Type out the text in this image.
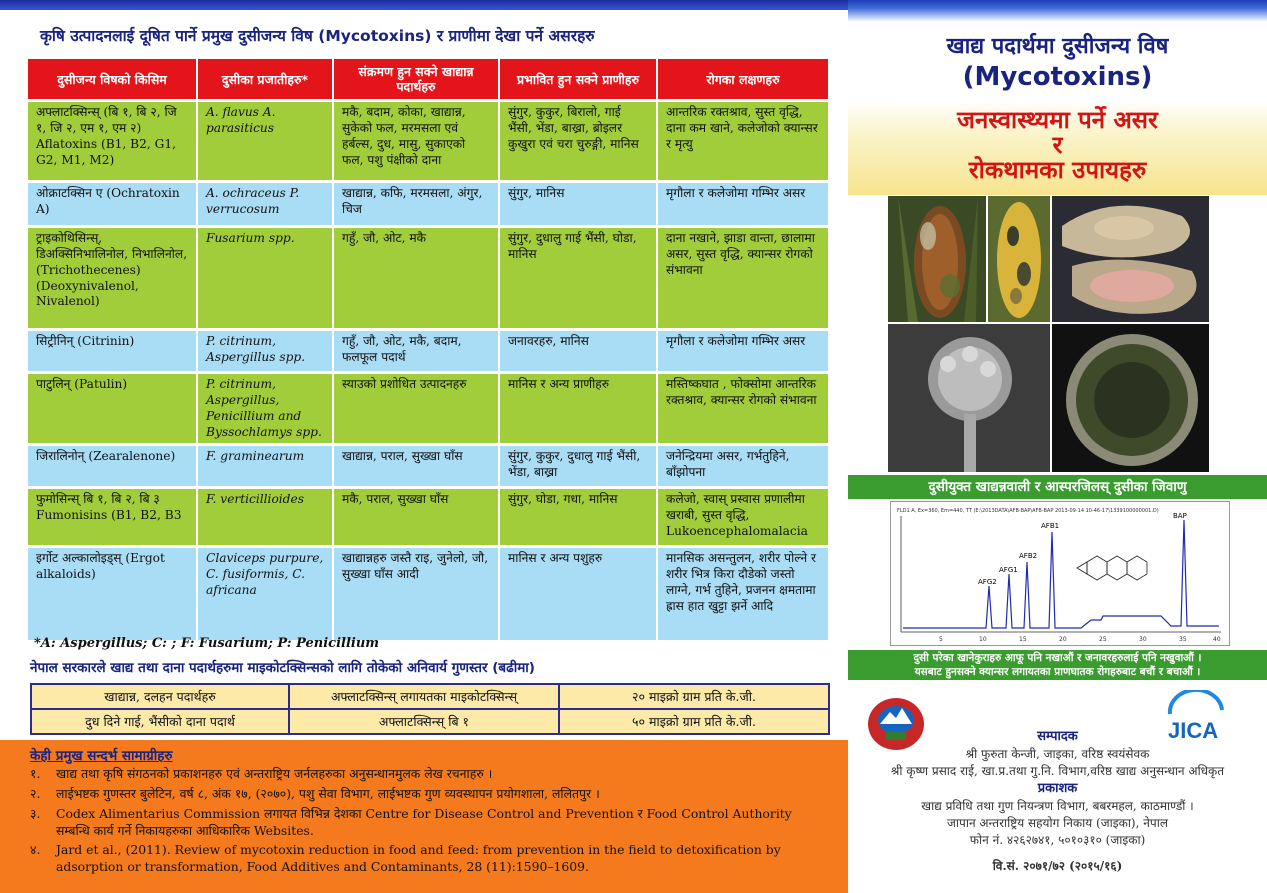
कृषि उत्पादनलाई दूषित पार्ने प्रमुख दुसीजन्य विष (Mycotoxins) र प्राणीमा देखा पर्ने असरहरु
दुसीजन्य विषको किसिम	दुसीका प्रजातीहरु*	संक्रमण हुन सक्ने खाद्यान्न पदार्थहरु	प्रभावित हुन सक्ने प्राणीहरु	रोगका लक्षणहरु
अफ्लाटक्सिन्स् (बि १, बि २, जि १, जि २, एम १, एम २) Aflatoxins (B1, B2, G1, G2, M1, M2)	A. flavus A. parasiticus	मकै, बदाम, कोका, खाद्यान्न, सुकेको फल, मरमसला एवं हर्बल्स, दुध, मासु, सुकाएको फल, पशु पंक्षीको दाना	सुंगुर, कुकुर, बिरालो, गाई भैंसी, भेंडा, बाख्रा, ब्रोइलर कुखुरा एवं चरा चुरुङ्गी, मानिस	आन्तरिक रक्तश्राव, सुस्त वृद्धि, दाना कम खाने, कलेजोको क्यान्सर र मृत्यु
ओक्राटक्सिन ए (Ochratoxin A)	A. ochraceus P. verrucosum	खाद्यान्न, कफि, मरमसला, अंगुर, चिज	सुंगुर, मानिस	मृगौला र कलेजोमा गम्भिर असर
ट्राइकोथिसिन्स्, डिअक्सिनिभालिनोल, निभालिनोल, (Trichothecenes) (Deoxynivalenol, Nivalenol)	Fusarium spp.	गहुँ, जौ, ओट, मकै	सुंगुर, दुधालु गाई भैंसी, घोडा, मानिस	दाना नखाने, झाडा वान्ता, छालामा असर, सुस्त वृद्धि, क्यान्सर रोगको संभावना
सिट्रीनिन् (Citrinin)	P. citrinum, Aspergillus spp.	गहुँ, जौ, ओट, मकै, बदाम, फलफूल पदार्थ	जनावरहरु, मानिस	मृगौला र कलेजोमा गम्भिर असर
पाटुलिन् (Patulin)	P. citrinum, Aspergillus, Penicillium and Byssochlamys spp.	स्याउको प्रशोधित उत्पादनहरु	मानिस र अन्य प्राणीहरु	मस्तिष्कघात , फोक्सोमा आन्तरिक रक्तश्राव, क्यान्सर रोगको संभावना
जिरालिनोन् (Zearalenone)	F. graminearum	खाद्यान्न, पराल, सुख्खा घाँस	सुंगुर, कुकुर, दुधालु गाई भैंसी, भेंडा, बाख्रा	जनेन्द्रियमा असर, गर्भतुहिने, बाँझोपना
फुमोसिन्स् बि १, बि २, बि ३ Fumonisins (B1, B2, B3	F. verticillioides	मकै, पराल, सुख्खा घाँस	सुंगुर, घोडा, गधा, मानिस	कलेजो, स्वास् प्रस्वास प्रणालीमा खराबी, सुस्त वृद्धि, Lukoencephalomalacia
इर्गोट अल्कालोइड्स् (Ergot alkaloids)	Claviceps purpure, C. fusiformis, C. africana	खाद्यान्नहरु जस्तै राइ, जुनेलो, जौ, सुख्खा घाँस आदी	मानिस र अन्य पशुहरु	मानसिक असन्तुलन, शरीर पोल्ने र शरीर भित्र किरा दौडेको जस्तो लाग्ने, गर्भ तुहिने, प्रजनन क्षमतामा ह्रास हात खुट्टा झर्ने आदि
*A: Aspergillus; C: ; F: Fusarium; P: Penicillium
नेपाल सरकारले खाद्य तथा दाना पदार्थहरुमा माइकोटक्सिन्सको लागि तोकेको अनिवार्य गुणस्तर (बढीमा)
खाद्यान्न, दलहन पदार्थहरु	अफ्लाटक्सिन्स् लगायतका माइकोटक्सिन्स्	२० माइक्रो ग्राम प्रति के.जी.
दुध दिने गाई, भैंसीको दाना पदार्थ	अफ्लाटक्सिन्स् बि १	५० माइक्रो ग्राम प्रति के.जी.
केही प्रमुख सन्दर्भ सामाग्रीहरु
१. खाद्य तथा कृषि संगठनको प्रकाशनहरु एवं अन्तराष्ट्रिय जर्नलहरुका अनुसन्धानमुलक लेख रचनाहरु ।
२. लाईभष्टक गुणस्तर बुलेटिन, वर्ष ८, अंक १७, (२०७०), पशु सेवा विभाग, लाईभष्टक गुण व्यवस्थापन प्रयोगशाला, ललितपुर ।
३. Codex Alimentarius Commission लगायत विभिन्न देशका Centre for Disease Control and Prevention र Food Control Authority सम्बन्धि कार्य गर्ने निकायहरुका आधिकारिक Websites.
४. Jard et al., (2011). Review of mycotoxin reduction in food and feed: from prevention in the field to detoxification by adsorption or transformation, Food Additives and Contaminants, 28 (11):1590–1609.
खाद्य पदार्थमा दुसीजन्य विष
(Mycotoxins)
जनस्वास्थ्यमा पर्ने असर
र
रोकथामका उपायहरु
दुसीयुक्त खाद्यन्नवाली र आस्परजिलस् दुसीका जिवाणु
FLD1 A, Ex=360, Em=440, TT (E:\2013DATA\AFB-BAP\AFB-BAP 2013-09-14 10-46-17\1339100000001.D)
AFG2
AFG1
AFB2
AFB1
BAP
5	10	15	20	25	30	35	40
दुसी परेका खानेकुराहरु आफू पनि नखाऔं र जनावरहरुलाई पनि नखुवाऔं ।
यसबाट हुनसक्ने क्यान्सर लगायतका प्राणघातक रोगहरुबाट बचौं र बचाऔं ।
JICA
सम्पादक
श्री फुरुता केन्जी, जाइका, वरिष्ठ स्वयंसेवक
श्री कृष्ण प्रसाद राई, खा.प्र.तथा गु.नि. विभाग,वरिष्ठ खाद्य अनुसन्धान अधिकृत
प्रकाशक
खाद्य प्रविधि तथा गुण नियन्त्रण विभाग, बबरमहल, काठमाण्डौं ।
जापान अन्तराष्ट्रिय सहयोग निकाय (जाइका), नेपाल
फोन नं. ४२६२७४१, ५०१०३१० (जाइका)
वि.सं. २०७१/७२ (२०१५/१६)
